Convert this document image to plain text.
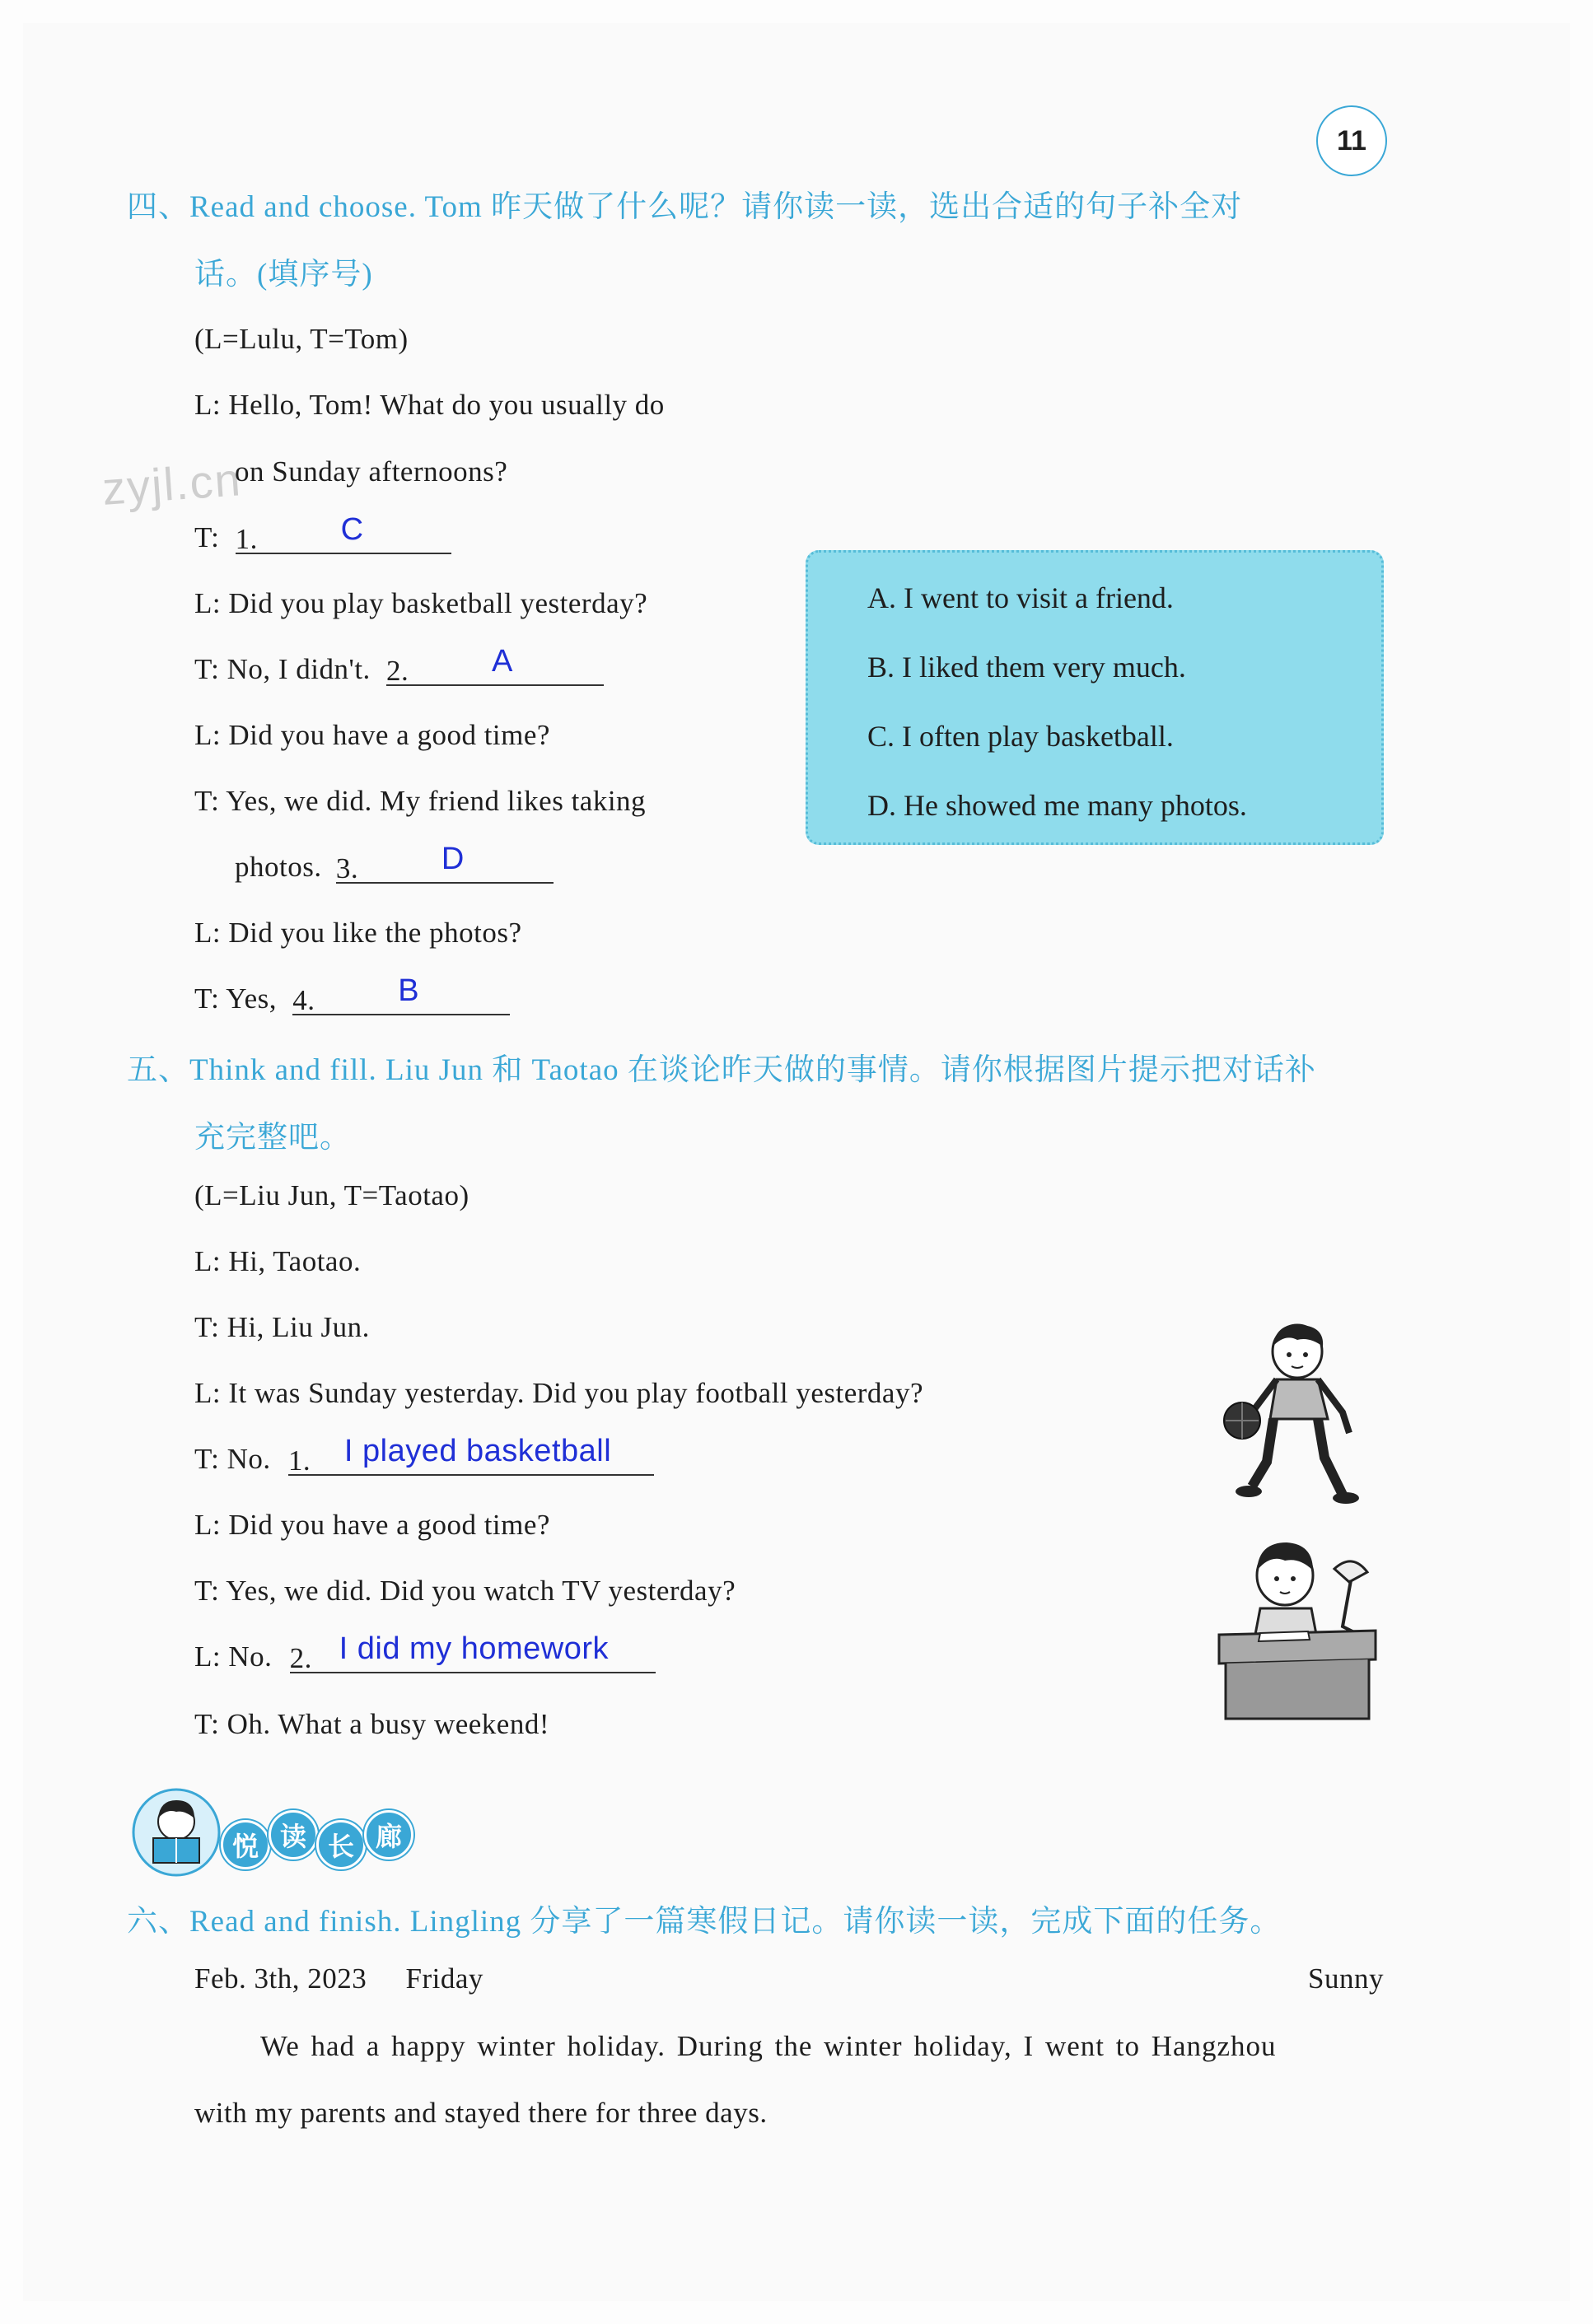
11
zyjl.cn
四、Read and choose. Tom 昨天做了什么呢？请你读一读，选出合适的句子补全对
话。(填序号)
(L=Lulu, T=Tom)
L: Hello, Tom! What do you usually do
on Sunday afternoons?
T: 1.	C
L: Did you play basketball yesterday?
T: No, I didn't. 2.	A
L: Did you have a good time?
T: Yes, we did. My friend likes taking
photos. 3.	D
L: Did you like the photos?
T: Yes, 4.	B
A. I went to visit a friend.
B. I liked them very much.
C. I often play basketball.
D. He showed me many photos.
五、Think and fill. Liu Jun 和 Taotao 在谈论昨天做的事情。请你根据图片提示把对话补
充完整吧。
(L=Liu Jun, T=Taotao)
L: Hi, Taotao.
T: Hi, Liu Jun.
L: It was Sunday yesterday. Did you play football yesterday?
T: No. 1. I played basketball
L: Did you have a good time?
T: Yes, we did. Did you watch TV yesterday?
L: No. 2. I did my homework
T: Oh. What a busy weekend!
悦 读 长 廊
六、Read and finish. Lingling 分享了一篇寒假日记。请你读一读，完成下面的任务。
Feb. 3th, 2023 Friday	Sunny
We had a happy winter holiday. During the winter holiday, I went to Hangzhou
with my parents and stayed there for three days.
